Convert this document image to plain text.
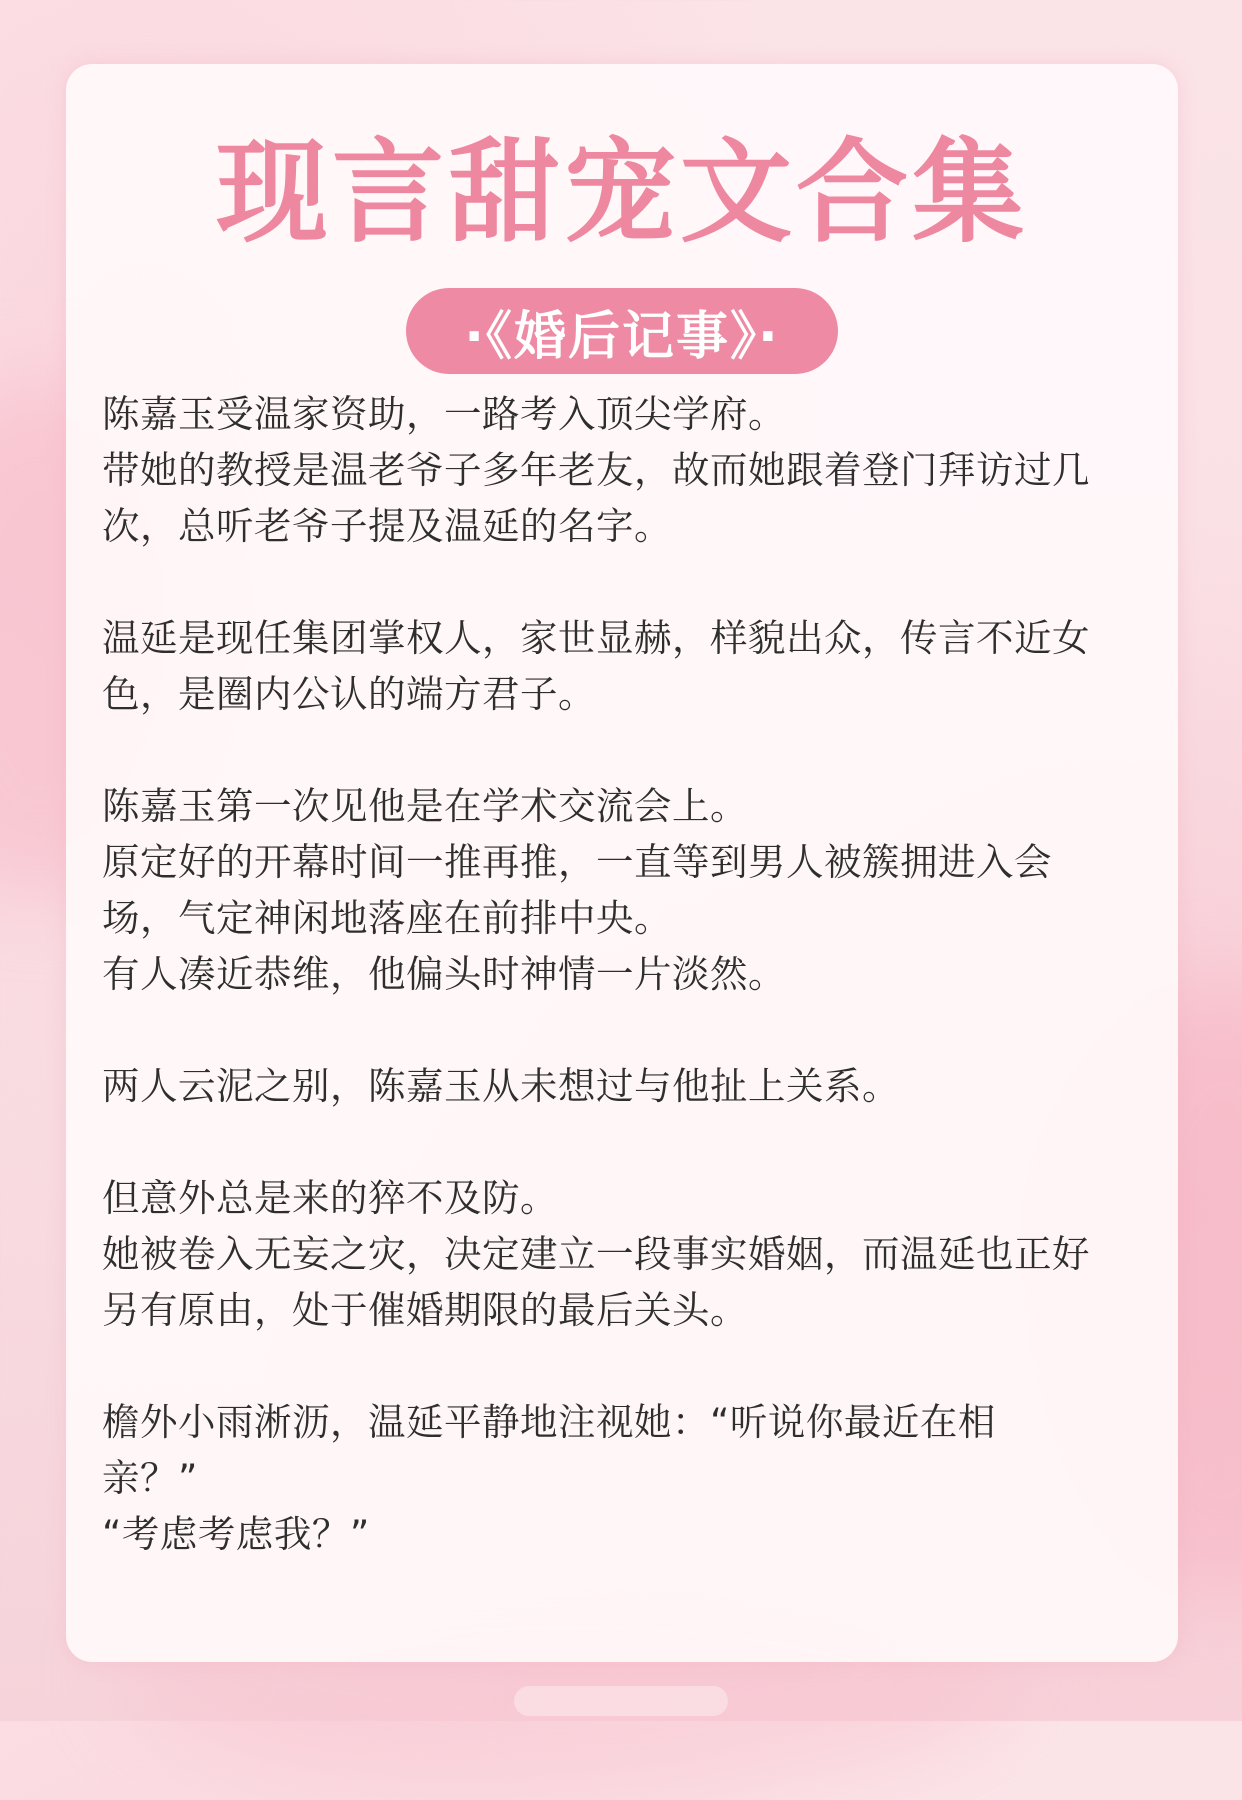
现言甜宠文合集
·《婚后记事》·

陈嘉玉受温家资助，一路考入顶尖学府。
带她的教授是温老爷子多年老友，故而她跟着登门拜访过几
次，总听老爷子提及温延的名字。

温延是现任集团掌权人，家世显赫，样貌出众，传言不近女
色，是圈内公认的端方君子。

陈嘉玉第一次见他是在学术交流会上。
原定好的开幕时间一推再推，一直等到男人被簇拥进入会
场，气定神闲地落座在前排中央。
有人凑近恭维，他偏头时神情一片淡然。

两人云泥之别，陈嘉玉从未想过与他扯上关系。

但意外总是来的猝不及防。
她被卷入无妄之灾，决定建立一段事实婚姻，而温延也正好
另有原由，处于催婚期限的最后关头。

檐外小雨淅沥，温延平静地注视她：“听说你最近在相
亲？”
“考虑考虑我？”
